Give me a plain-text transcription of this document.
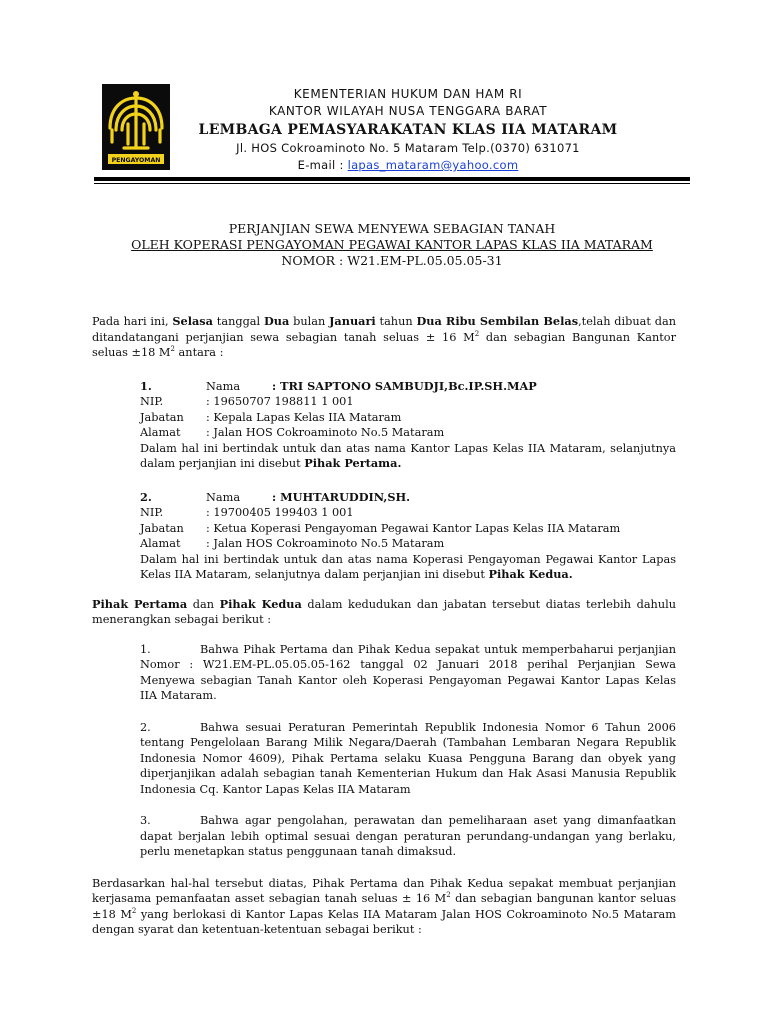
PENGAYOMAN
KEMENTERIAN HUKUM DAN HAM RI
KANTOR WILAYAH NUSA TENGGARA BARAT
LEMBAGA PEMASYARAKATAN KLAS IIA MATARAM
Jl. HOS Cokroaminoto No. 5 Mataram Telp.(0370) 631071
E-mail : lapas_mataram@yahoo.com
PERJANJIAN SEWA MENYEWA SEBAGIAN TANAH
OLEH KOPERASI PENGAYOMAN PEGAWAI KANTOR LAPAS KLAS IIA MATARAM
NOMOR : W21.EM-PL.05.05.05-31

Pada hari ini, Selasa tanggal Dua bulan Januari tahun Dua Ribu Sembilan Belas,telah dibuat dan ditandatangani perjanjian sewa sebagian tanah seluas ± 16 $M^2$ dan sebagian Bangunan Kantor seluas ±18 $M^2$ antara :

1.	Nama	: TRI SAPTONO SAMBUDJI,Bc.IP.SH.MAP
NIP.	: 19650707 198811 1 001
Jabatan	: Kepala Lapas Kelas IIA Mataram
Alamat	: Jalan HOS Cokroaminoto No.5 Mataram
Dalam hal ini bertindak untuk dan atas nama Kantor Lapas Kelas IIA Mataram, selanjutnya dalam perjanjian ini disebut Pihak Pertama.
2.	Nama	: MUHTARUDDIN,SH.
NIP.	: 19700405 199403 1 001
Jabatan	: Ketua Koperasi Pengayoman Pegawai Kantor Lapas Kelas IIA Mataram
Alamat	: Jalan HOS Cokroaminoto No.5 Mataram
Dalam hal ini bertindak untuk dan atas nama Koperasi Pengayoman Pegawai Kantor Lapas Kelas IIA Mataram, selanjutnya dalam perjanjian ini disebut Pihak Kedua.

Pihak Pertama dan Pihak Kedua dalam kedudukan dan jabatan tersebut diatas terlebih dahulu menerangkan sebagai berikut :

1.	Bahwa Pihak Pertama dan Pihak Kedua sepakat untuk memperbaharui perjanjian Nomor : W21.EM-PL.05.05.05-162 tanggal 02 Januari 2018 perihal Perjanjian Sewa Menyewa sebagian Tanah Kantor oleh Koperasi Pengayoman Pegawai Kantor Lapas Kelas IIA Mataram.
2.	Bahwa sesuai Peraturan Pemerintah Republik Indonesia Nomor 6 Tahun 2006 tentang Pengelolaan Barang Milik Negara/Daerah (Tambahan Lembaran Negara Republik Indonesia Nomor 4609), Pihak Pertama selaku Kuasa Pengguna Barang dan obyek yang diperjanjikan adalah sebagian tanah Kementerian Hukum dan Hak Asasi Manusia Republik Indonesia Cq. Kantor Lapas Kelas IIA Mataram
3.	Bahwa agar pengolahan, perawatan dan pemeliharaan aset yang dimanfaatkan dapat berjalan lebih optimal sesuai dengan peraturan perundang-undangan yang berlaku, perlu menetapkan status penggunaan tanah dimaksud.

Berdasarkan hal-hal tersebut diatas, Pihak Pertama dan Pihak Kedua sepakat membuat perjanjian kerjasama pemanfaatan asset sebagian tanah seluas ± 16 $M^2$ dan sebagian bangunan kantor seluas ±18 $M^2$ yang berlokasi di Kantor Lapas Kelas IIA Mataram Jalan HOS Cokroaminoto No.5 Mataram dengan syarat dan ketentuan-ketentuan sebagai berikut :
